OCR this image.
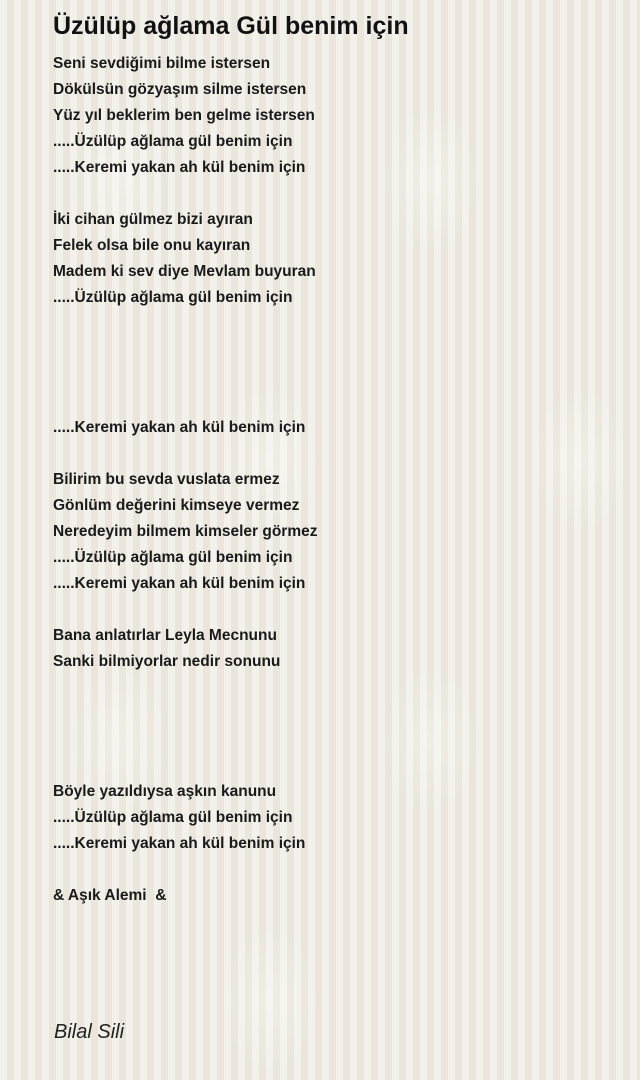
Üzülüp ağlama Gül benim için
Seni sevdiğimi bilme istersen
Dökülsün gözyaşım silme istersen
Yüz yıl beklerim ben gelme istersen
.....Üzülüp ağlama gül benim için
.....Keremi yakan ah kül benim için
İki cihan gülmez bizi ayıran
Felek olsa bile onu kayıran
Madem ki sev diye Mevlam buyuran
.....Üzülüp ağlama gül benim için
.....Keremi yakan ah kül benim için
Bilirim bu sevda vuslata ermez
Gönlüm değerini kimseye vermez
Neredeyim bilmem kimseler görmez
.....Üzülüp ağlama gül benim için
.....Keremi yakan ah kül benim için
Bana anlatırlar Leyla Mecnunu
Sanki bilmiyorlar nedir sonunu
Böyle yazıldıysa aşkın kanunu
.....Üzülüp ağlama gül benim için
.....Keremi yakan ah kül benim için
& Aşık Alemi  &
Bilal Sili
